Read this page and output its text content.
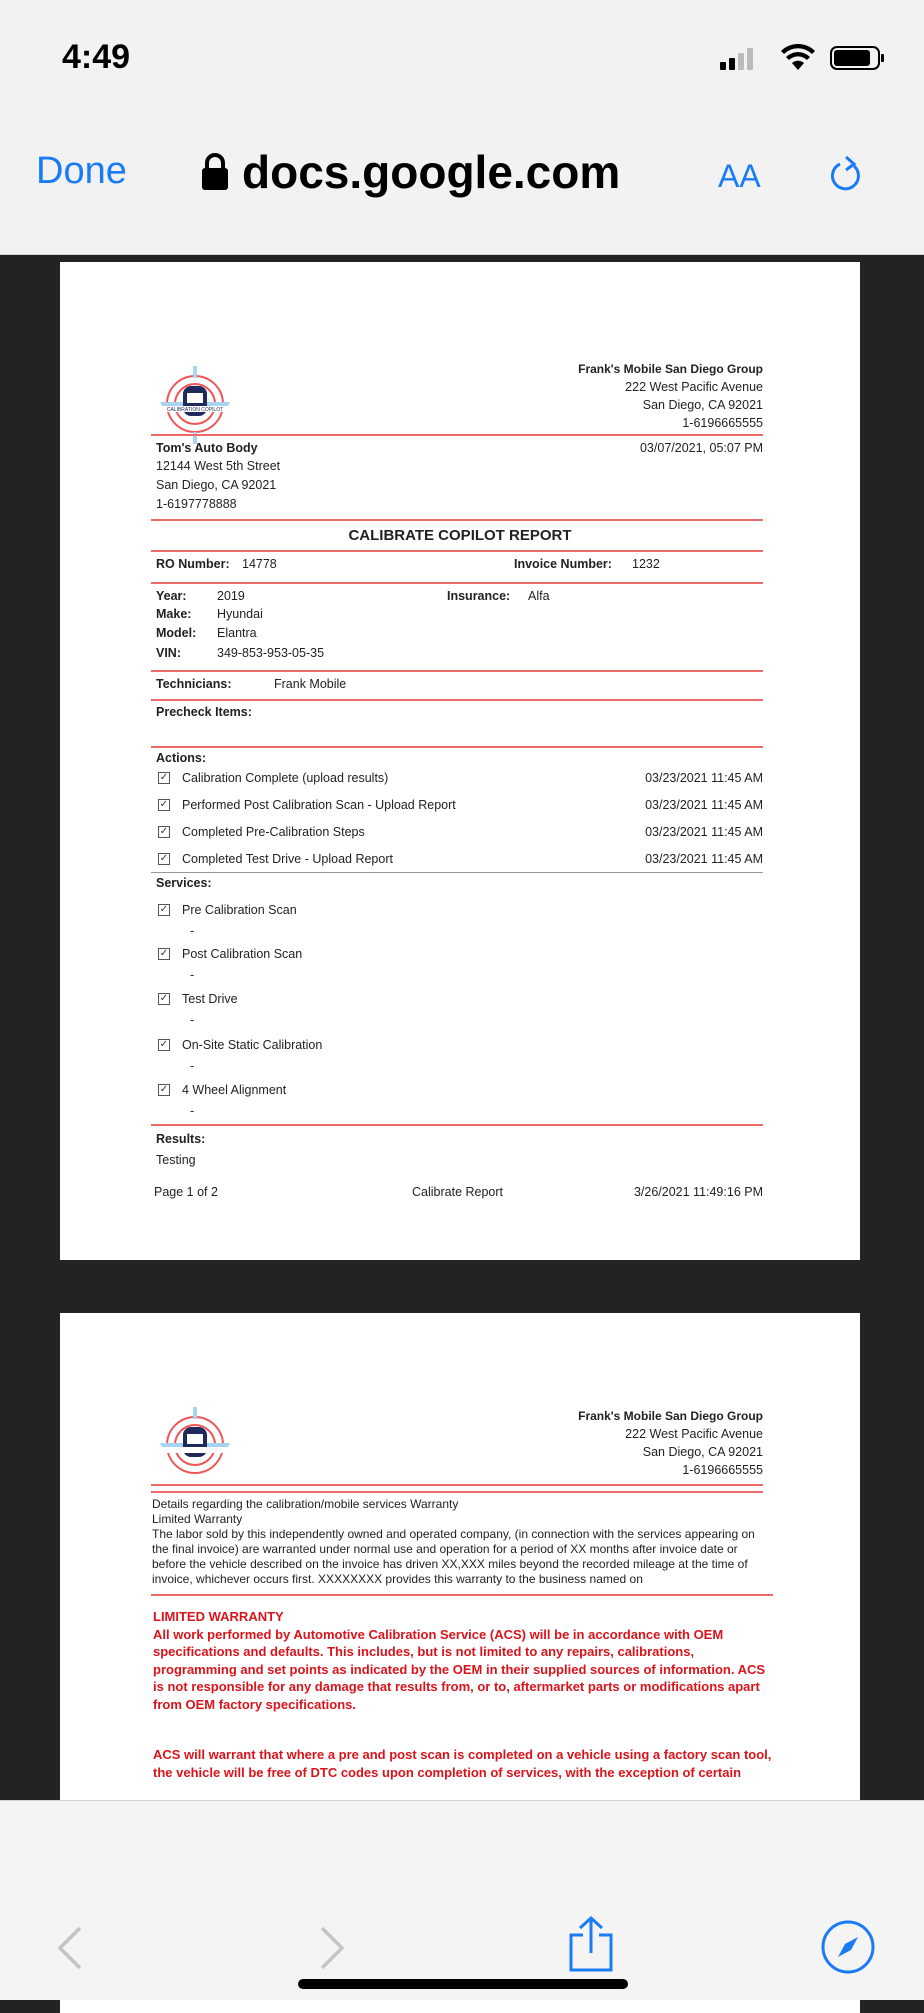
4:49
Done	docs.google.com	AA
CALIBRATION COPILOT
Frank's Mobile San Diego Group
222 West Pacific Avenue
San Diego, CA 92021
1-6196665555
Tom's Auto Body
12144 West 5th Street
San Diego, CA 92021
1-6197778888
03/07/2021, 05:07 PM
CALIBRATE COPILOT REPORT
RO Number: 14778	Invoice Number: 1232
Year: 2019
Make: Hyundai
Model: Elantra
VIN:	349-853-953-05-35
Insurance: Alfa
Technicians:	Frank Mobile
Precheck Items:
Actions:
✓ Calibration Complete (upload results)	03/23/2021 11:45 AM
✓ Performed Post Calibration Scan - Upload Report	03/23/2021 11:45 AM
✓ Completed Pre-Calibration Steps	03/23/2021 11:45 AM
✓ Completed Test Drive - Upload Report	03/23/2021 11:45 AM
Services:
✓ Pre Calibration Scan
-
✓ Post Calibration Scan
-
✓ Test Drive
-
✓ On-Site Static Calibration
-
✓ 4 Wheel Alignment
-
Results:
Testing
Page 1 of 2	Calibrate Report	3/26/2021 11:49:16 PM
Frank's Mobile San Diego Group
222 West Pacific Avenue
San Diego, CA 92021
1-6196665555
Details regarding the calibration/mobile services Warranty
Limited Warranty
The labor sold by this independently owned and operated company, (in connection with the services appearing on the final invoice) are warranted under normal use and operation for a period of XX months after invoice date or before the vehicle described on the invoice has driven XX,XXX miles beyond the recorded mileage at the time of invoice, whichever occurs first. XXXXXXXX provides this warranty to the business named on
LIMITED WARRANTY
All work performed by Automotive Calibration Service (ACS) will be in accordance with OEM specifications and defaults. This includes, but is not limited to any repairs, calibrations, programming and set points as indicated by the OEM in their supplied sources of information. ACS is not responsible for any damage that results from, or to, aftermarket parts or modifications apart from OEM factory specifications.
ACS will warrant that where a pre and post scan is completed on a vehicle using a factory scan tool, the vehicle will be free of DTC codes upon completion of services, with the exception of certain
